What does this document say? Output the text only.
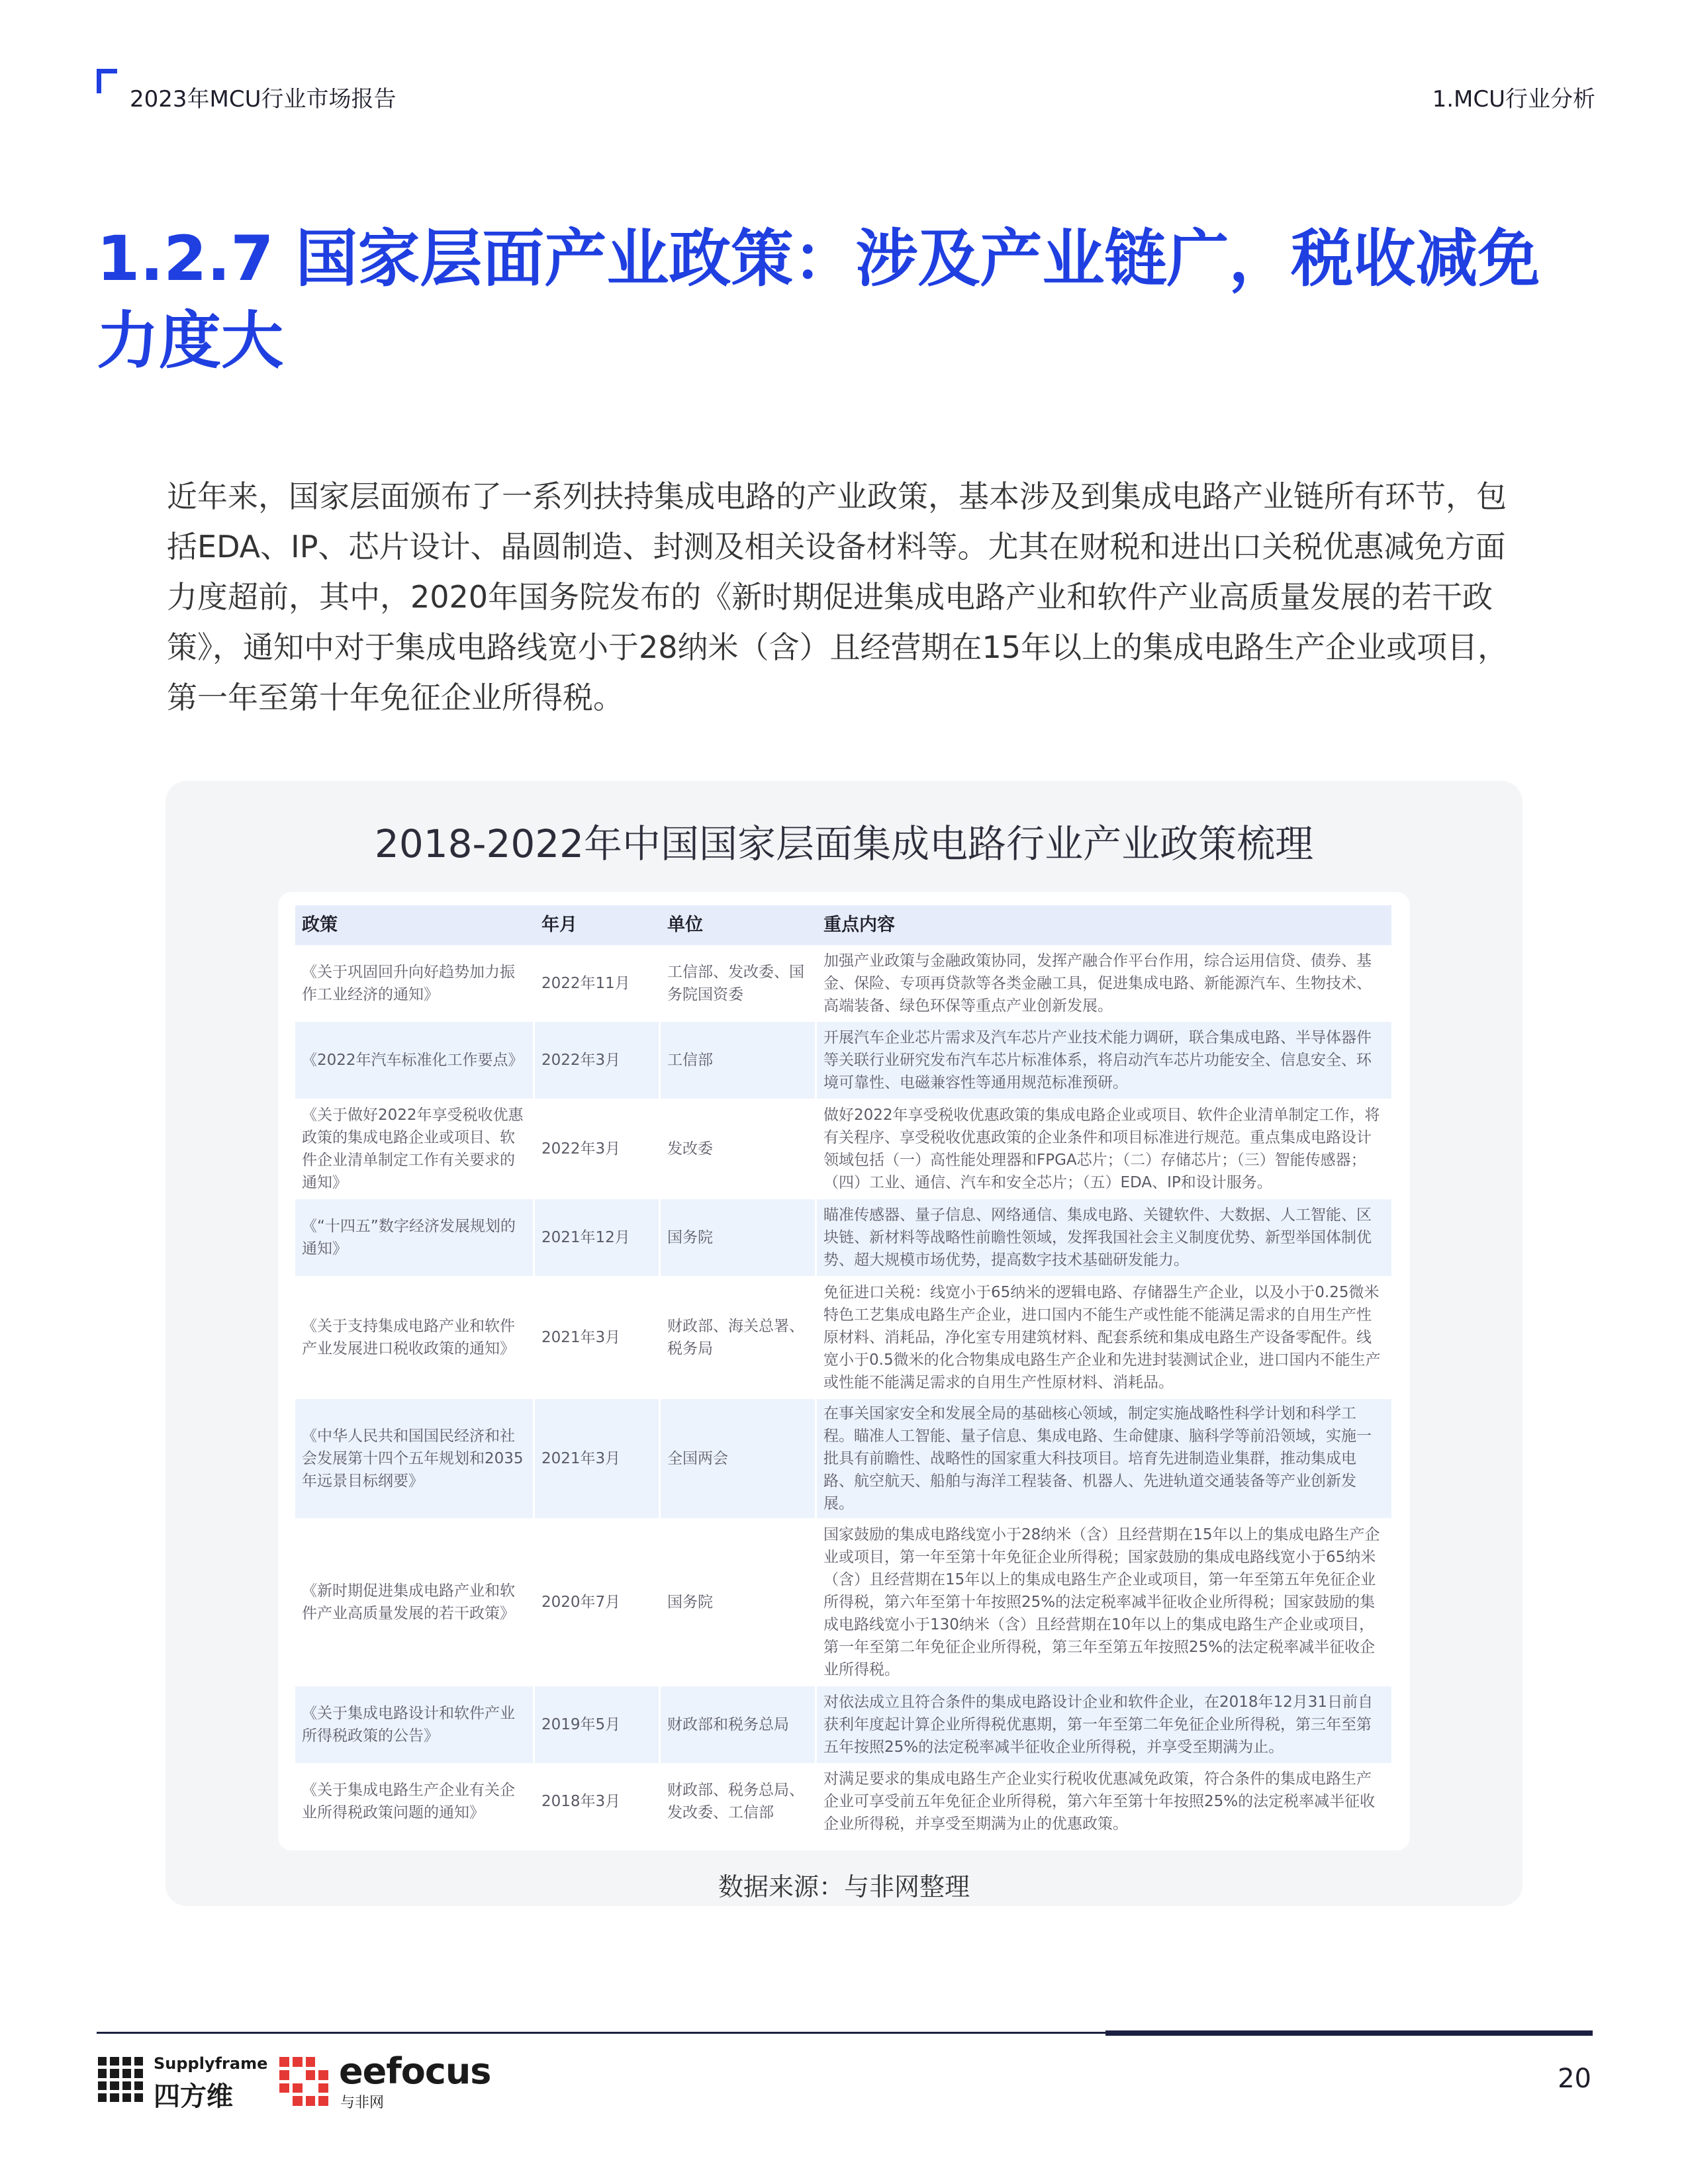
2023年MCU行业市场报告	1.MCU行业分析
1.2.7 国家层面产业政策：涉及产业链广，税收减免力度大

近年来，国家层面颁布了一系列扶持集成电路的产业政策，基本涉及到集成电路产业链所有环节，包括EDA、IP、芯片设计、晶圆制造、封测及相关设备材料等。尤其在财税和进出口关税优惠减免方面力度超前，其中，2020年国务院发布的《新时期促进集成电路产业和软件产业高质量发展的若干政策》，通知中对于集成电路线宽小于28纳米（含）且经营期在15年以上的集成电路生产企业或项目，第一年至第十年免征企业所得税。

2018-2022年中国国家层面集成电路行业产业政策梳理
政策	年月	单位	重点内容
《关于巩固回升向好趋势加力振作工业经济的通知》	2022年11月	工信部、发改委、国务院国资委	加强产业政策与金融政策协同，发挥产融合作平台作用，综合运用信贷、债券、基金、保险、专项再贷款等各类金融工具，促进集成电路、新能源汽车、生物技术、高端装备、绿色环保等重点产业创新发展。
《2022年汽车标准化工作要点》	2022年3月	工信部	开展汽车企业芯片需求及汽车芯片产业技术能力调研，联合集成电路、半导体器件等关联行业研究发布汽车芯片标准体系，将启动汽车芯片功能安全、信息安全、环境可靠性、电磁兼容性等通用规范标准预研。
《关于做好2022年享受税收优惠政策的集成电路企业或项目、软件企业清单制定工作有关要求的通知》	2022年3月	发改委	做好2022年享受税收优惠政策的集成电路企业或项目、软件企业清单制定工作，将有关程序、享受税收优惠政策的企业条件和项目标准进行规范。重点集成电路设计领域包括（一）高性能处理器和FPGA芯片；（二）存储芯片；（三）智能传感器；（四）工业、通信、汽车和安全芯片；（五）EDA、IP和设计服务。
《“十四五”数字经济发展规划的通知》	2021年12月	国务院	瞄准传感器、量子信息、网络通信、集成电路、关键软件、大数据、人工智能、区块链、新材料等战略性前瞻性领域，发挥我国社会主义制度优势、新型举国体制优势、超大规模市场优势，提高数字技术基础研发能力。
《关于支持集成电路产业和软件产业发展进口税收政策的通知》	2021年3月	财政部、海关总署、税务局	免征进口关税：线宽小于65纳米的逻辑电路、存储器生产企业，以及小于0.25微米特色工艺集成电路生产企业，进口国内不能生产或性能不能满足需求的自用生产性原材料、消耗品，净化室专用建筑材料、配套系统和集成电路生产设备零配件。线宽小于0.5微米的化合物集成电路生产企业和先进封装测试企业，进口国内不能生产或性能不能满足需求的自用生产性原材料、消耗品。
《中华人民共和国国民经济和社会发展第十四个五年规划和2035年远景目标纲要》	2021年3月	全国两会	在事关国家安全和发展全局的基础核心领域，制定实施战略性科学计划和科学工程。瞄准人工智能、量子信息、集成电路、生命健康、脑科学等前沿领域，实施一批具有前瞻性、战略性的国家重大科技项目。培育先进制造业集群，推动集成电路、航空航天、船舶与海洋工程装备、机器人、先进轨道交通装备等产业创新发展。
《新时期促进集成电路产业和软件产业高质量发展的若干政策》	2020年7月	国务院	国家鼓励的集成电路线宽小于28纳米（含）且经营期在15年以上的集成电路生产企业或项目，第一年至第十年免征企业所得税；国家鼓励的集成电路线宽小于65纳米（含）且经营期在15年以上的集成电路生产企业或项目，第一年至第五年免征企业所得税，第六年至第十年按照25%的法定税率减半征收企业所得税；国家鼓励的集成电路线宽小于130纳米（含）且经营期在10年以上的集成电路生产企业或项目，第一年至第二年免征企业所得税，第三年至第五年按照25%的法定税率减半征收企业所得税。
《关于集成电路设计和软件产业所得税政策的公告》	2019年5月	财政部和税务总局	对依法成立且符合条件的集成电路设计企业和软件企业，在2018年12月31日前自获利年度起计算企业所得税优惠期，第一年至第二年免征企业所得税，第三年至第五年按照25%的法定税率减半征收企业所得税，并享受至期满为止。
《关于集成电路生产企业有关企业所得税政策问题的通知》	2018年3月	财政部、税务总局、发改委、工信部	对满足要求的集成电路生产企业实行税收优惠减免政策，符合条件的集成电路生产企业可享受前五年免征企业所得税，第六年至第十年按照25%的法定税率减半征收企业所得税，并享受至期满为止的优惠政策。
数据来源：与非网整理
Supplyframe
四方维
eefocus
与非网
20
